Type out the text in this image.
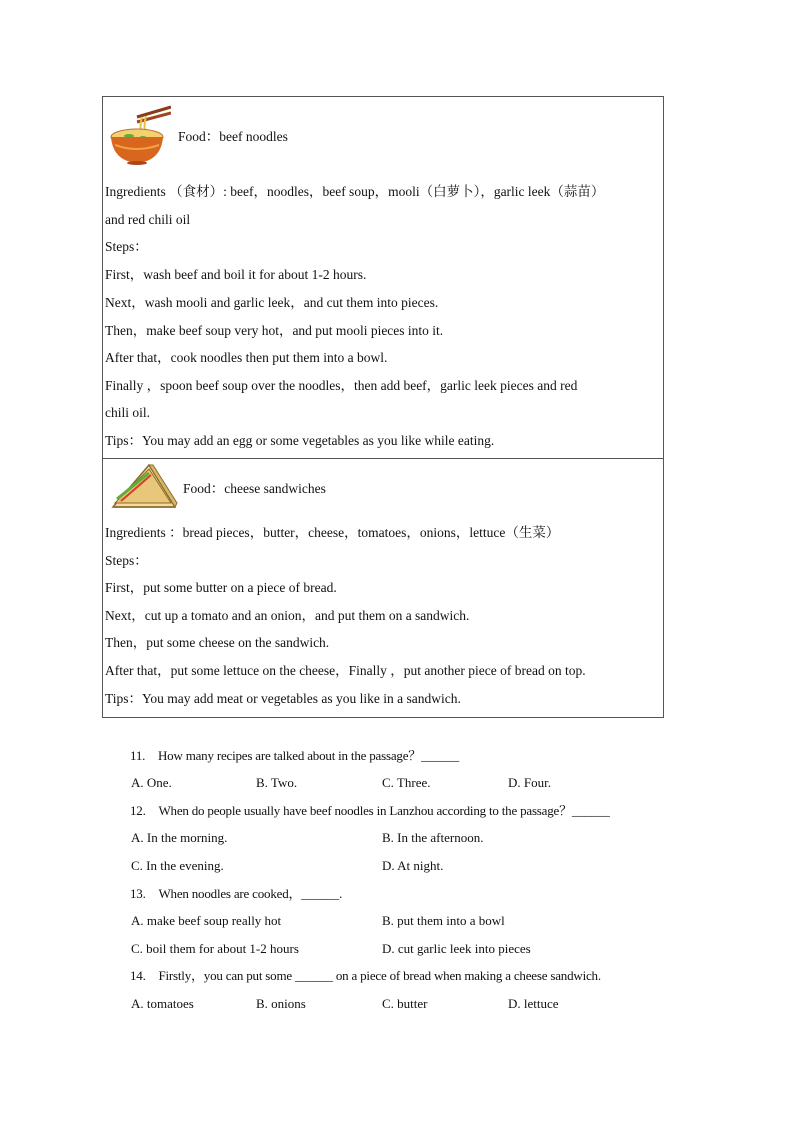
Food：beef noodles
Ingredients （食材）: beef，noodles，beef soup，mooli（白萝卜），garlic leek（蒜苗）
and red chili oil
Steps：
First，wash beef and boil it for about 1-2 hours.
Next，wash mooli and garlic leek，and cut them into pieces.
Then，make beef soup very hot，and put mooli pieces into it.
After that，cook noodles then put them into a bowl.
Finally ，spoon beef soup over the noodles，then add beef，garlic leek pieces and red
chili oil.
Tips：You may add an egg or some vegetables as you like while eating.
Food：cheese sandwiches
Ingredients ：bread pieces，butter，cheese，tomatoes，onions，lettuce（生菜）
Steps：
First，put some butter on a piece of bread.
Next，cut up a tomato and an onion，and put them on a sandwich.
Then，put some cheese on the sandwich.
After that，put some lettuce on the cheese，Finally ，put another piece of bread on top.
Tips：You may add meat or vegetables as you like in a sandwich.
11.　How many recipes are talked about in the passage？______
A. One.	B. Two.	C. Three.	D. Four.
12.　When do people usually have beef noodles in Lanzhou according to the passage？______
A. In the morning.	B. In the afternoon.
C. In the evening.	D. At night.
13.　When noodles are cooked，______.
A. make beef soup really hot	B. put them into a bowl
C. boil them for about 1-2 hours	D. cut garlic leek into pieces
14.　Firstly，you can put some ______ on a piece of bread when making a cheese sandwich.
A. tomatoes	B. onions	C. butter	D. lettuce
